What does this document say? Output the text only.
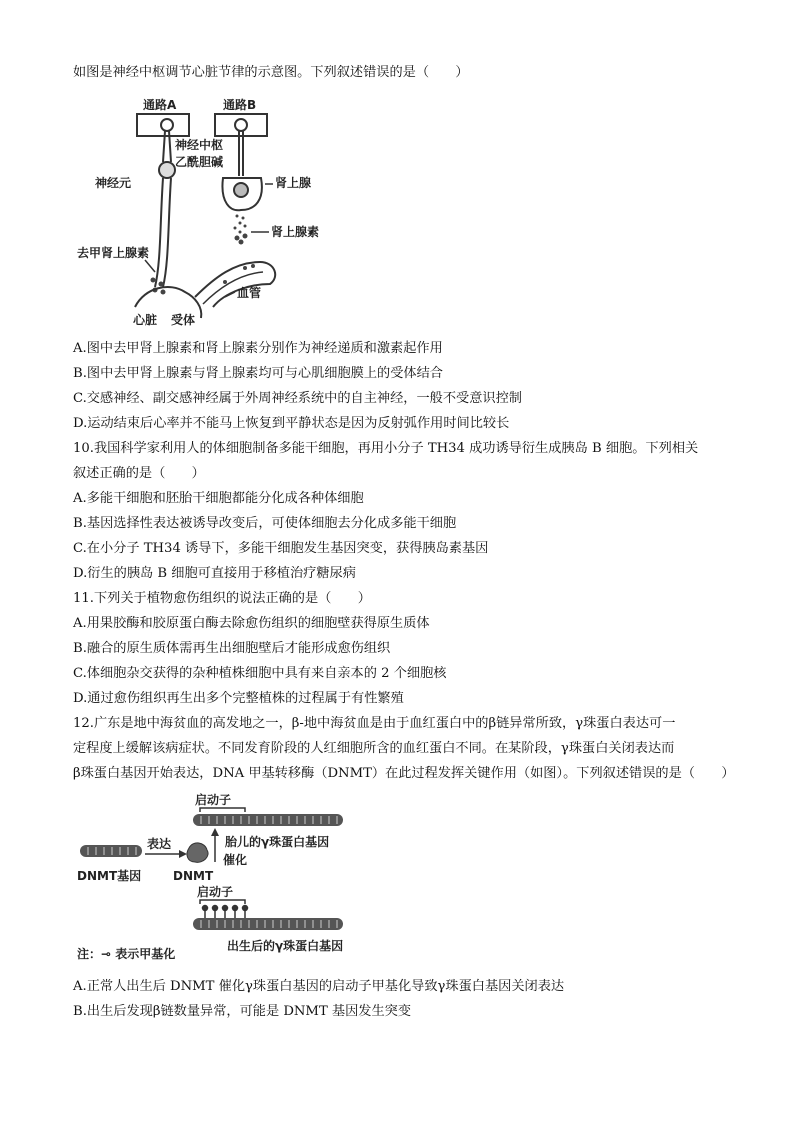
如图是神经中枢调节心脏节律的示意图。下列叙述错误的是（　　）
通路A	通路B
神经中枢
乙酰胆碱
神经元	肾上腺
肾上腺素
去甲肾上腺素
血管
心脏 受体
A.图中去甲肾上腺素和肾上腺素分别作为神经递质和激素起作用
B.图中去甲肾上腺素与肾上腺素均可与心肌细胞膜上的受体结合
C.交感神经、副交感神经属于外周神经系统中的自主神经，一般不受意识控制
D.运动结束后心率并不能马上恢复到平静状态是因为反射弧作用时间比较长
10.我国科学家利用人的体细胞制备多能干细胞，再用小分子 TH34 成功诱导衍生成胰岛 B 细胞。下列相关
叙述正确的是（　　）
A.多能干细胞和胚胎干细胞都能分化成各种体细胞
B.基因选择性表达被诱导改变后，可使体细胞去分化成多能干细胞
C.在小分子 TH34 诱导下，多能干细胞发生基因突变，获得胰岛素基因
D.衍生的胰岛 B 细胞可直接用于移植治疗糖尿病
11.下列关于植物愈伤组织的说法正确的是（　　）
A.用果胶酶和胶原蛋白酶去除愈伤组织的细胞壁获得原生质体
B.融合的原生质体需再生出细胞壁后才能形成愈伤组织
C.体细胞杂交获得的杂种植株细胞中具有来自亲本的 2 个细胞核
D.通过愈伤组织再生出多个完整植株的过程属于有性繁殖
12.广东是地中海贫血的高发地之一，β-地中海贫血是由于血红蛋白中的β链异常所致，γ珠蛋白表达可一
定程度上缓解该病症状。不同发育阶段的人红细胞所含的血红蛋白不同。在某阶段，γ珠蛋白关闭表达而
β珠蛋白基因开始表达，DNA 甲基转移酶（DNMT）在此过程发挥关键作用（如图）。下列叙述错误的是（　　）
启动子
胎儿的γ珠蛋白基因
催化
表达
DNMT基因	DNMT
启动子
注：⊸ 表示甲基化
出生后的γ珠蛋白基因
A.正常人出生后 DNMT 催化γ珠蛋白基因的启动子甲基化导致γ珠蛋白基因关闭表达
B.出生后发现β链数量异常，可能是 DNMT 基因发生突变
